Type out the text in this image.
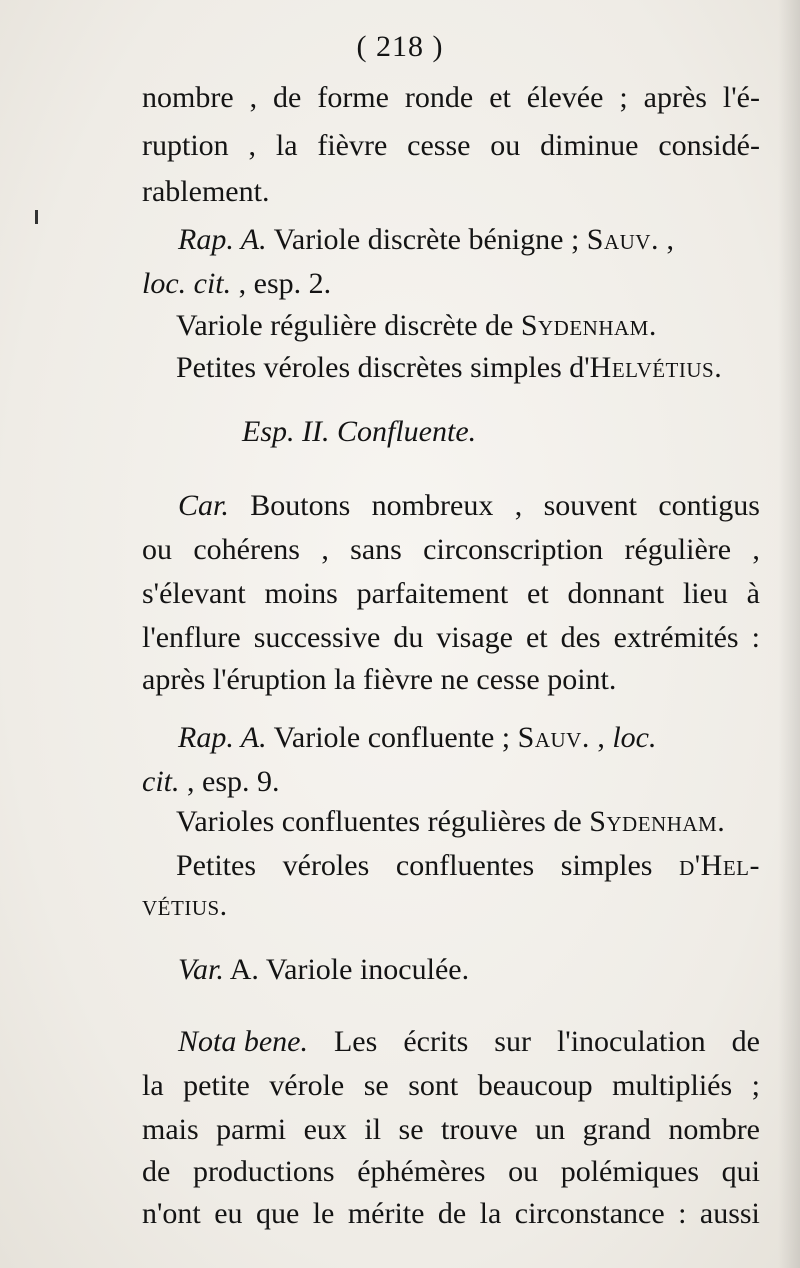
( 218 )
nombre , de forme ronde et élevée ; après l'é-
ruption , la fièvre cesse ou diminue considé-
rablement.
Rap. A. Variole discrète bénigne ; Sauv. ,
loc. cit. , esp. 2.
Variole régulière discrète de Sydenham.
Petites véroles discrètes simples d'Helvétius.
Esp. II. Confluente.
Car. Boutons nombreux , souvent contigus
ou cohérens , sans circonscription régulière ,
s'élevant moins parfaitement et donnant lieu à
l'enflure successive du visage et des extrémités :
après l'éruption la fièvre ne cesse point.
Rap. A. Variole confluente ; Sauv. , loc.
cit. , esp. 9.
Varioles confluentes régulières de Sydenham.
Petites véroles confluentes simples d'Hel-
vétius.
Var. A. Variole inoculée.
Nota bene. Les écrits sur l'inoculation de
la petite vérole se sont beaucoup multipliés ;
mais parmi eux il se trouve un grand nombre
de productions éphémères ou polémiques qui
n'ont eu que le mérite de la circonstance : aussi
